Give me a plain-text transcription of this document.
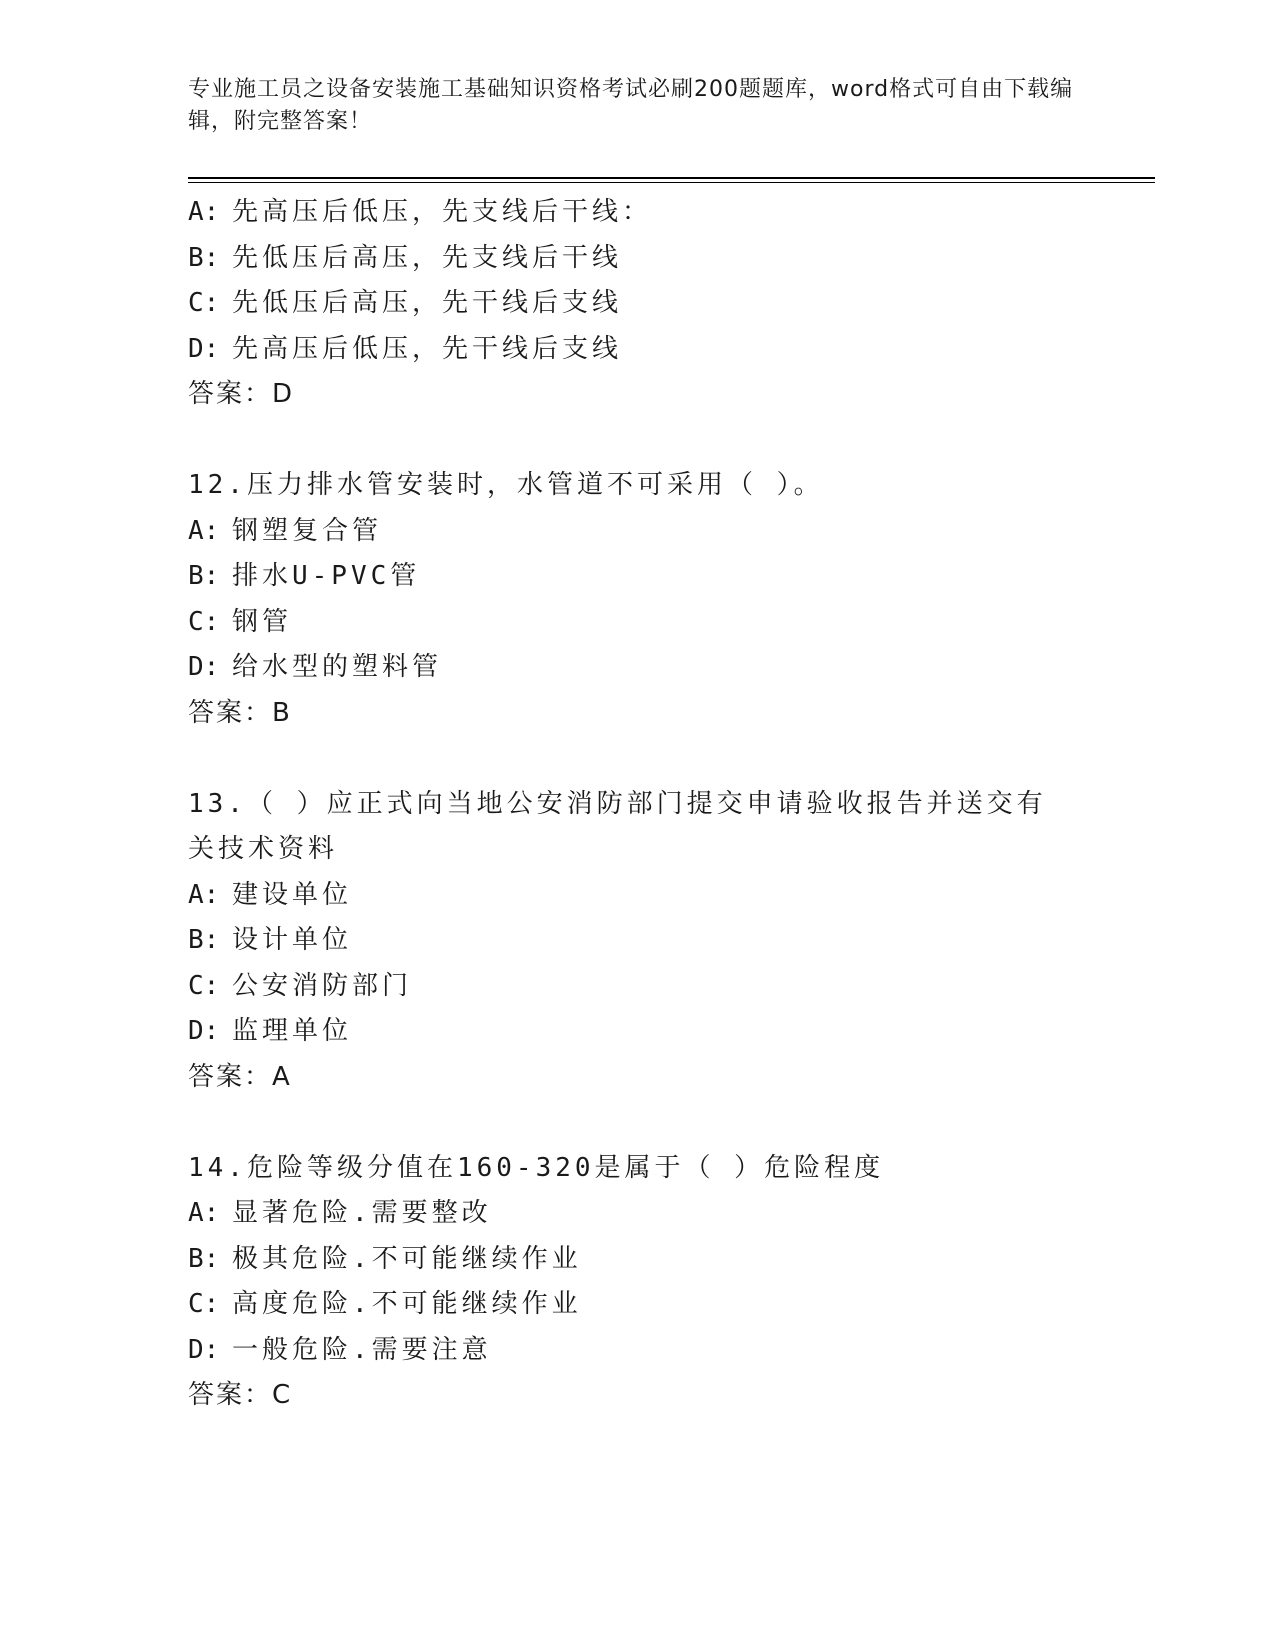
专业施工员之设备安装施工基础知识资格考试必刷200题题库，word格式可自由下载编辑，附完整答案！
A: 先高压后低压，先支线后干线：
B: 先低压后高压，先支线后干线
C: 先低压后高压，先干线后支线
D: 先高压后低压，先干线后支线
答案：D
12.压力排水管安装时，水管道不可采用（ ）。
A: 钢塑复合管
B: 排水U-PVC管
C: 钢管
D: 给水型的塑料管
答案：B
13.（ ）应正式向当地公安消防部门提交申请验收报告并送交有关技术资料
A: 建设单位
B: 设计单位
C: 公安消防部门
D: 监理单位
答案：A
14.危险等级分值在160-320是属于（ ）危险程度
A: 显著危险.需要整改
B: 极其危险.不可能继续作业
C: 高度危险.不可能继续作业
D: 一般危险.需要注意
答案：C
